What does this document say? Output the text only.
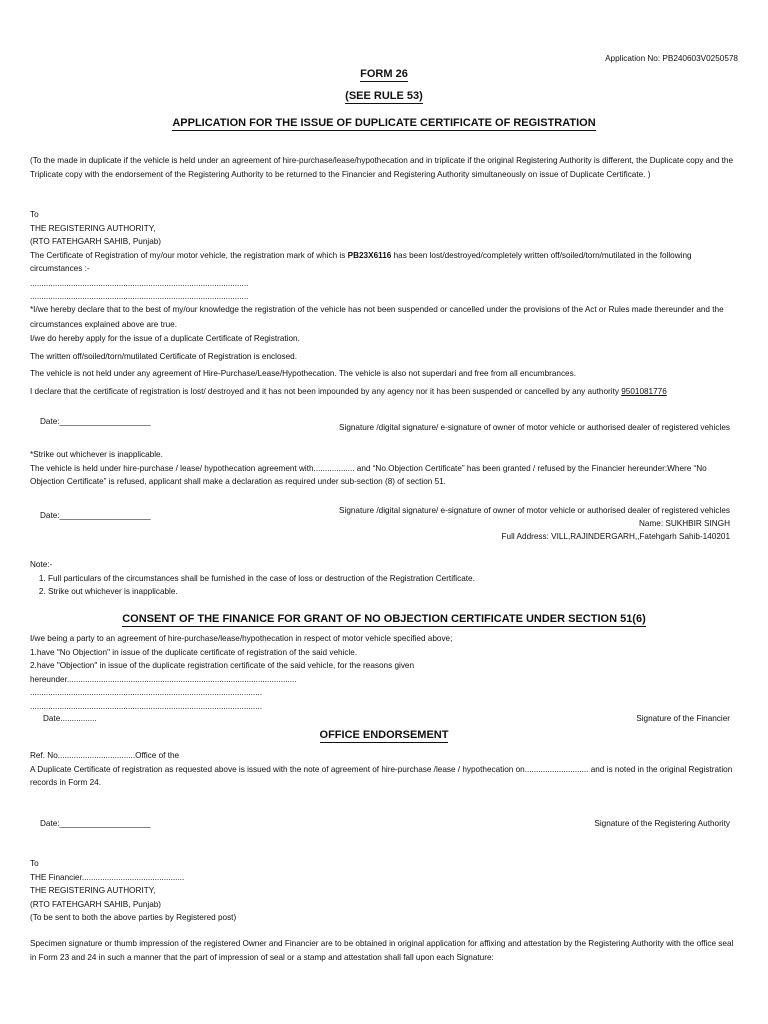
Application No: PB240603V0250578
FORM 26
(SEE RULE 53)
APPLICATION FOR THE ISSUE OF DUPLICATE CERTIFICATE OF REGISTRATION
(To the made in duplicate if the vehicle is held under an agreement of hire-purchase/lease/hypothecation and in triplicate if the original Registering Authority is different, the Duplicate copy and the Triplicate copy with the endorsement of the Registering Authority to be returned to the Financier and Registering Authority simultaneously on issue of Duplicate Certificate. )
To
THE REGISTERING AUTHORITY,
(RTO FATEHGARH SAHIB, Punjab)
The Certificate of Registration of my/our motor vehicle, the registration mark of which is PB23X6116 has been lost/destroyed/completely written off/soiled/torn/mutilated in the following circumstances :-
................................................................................................
................................................................................................
*I/we hereby declare that to the best of my/our knowledge the registration of the vehicle has not been suspended or cancelled under the provisions of the Act or Rules made thereunder and the circumstances explained above are true.
I/we do hereby apply for the issue of a duplicate Certificate of Registration.
The written off/soiled/torn/mutilated Certificate of Registration is enclosed.
The vehicle is not held under any agreement of Hire-Purchase/Lease/Hypothecation. The vehicle is also not superdari and free from all encumbrances.
I declare that the certificate of registration is lost/ destroyed and it has not been impounded by any agency nor it has been suspended or cancelled by any authority 9501081776
Date:____________________
Signature /digital signature/ e-signature of owner of motor vehicle or authorised dealer of registered vehicles
*Strike out whichever is inapplicable.
The vehicle is held under hire-purchase / lease/ hypothecation agreement with.................. and “No.Objection Certificate” has been granted / refused by the Financier hereunder:Where “No Objection Certificate” is refused, applicant shall make a declaration as required under sub-section (8) of section 51.
Signature /digital signature/ e-signature of owner of motor vehicle or authorised dealer of registered vehicles
Name: SUKHBIR SINGH
Full Address: VILL,RAJINDERGARH,,Fatehgarh Sahib-140201
Date:____________________
Note:-
1. Full particulars of the circumstances shall be furnished in the case of loss or destruction of the Registration Certificate.
2. Strike out whichever is inapplicable.
CONSENT OF THE FINANICE FOR GRANT OF NO OBJECTION CERTIFICATE UNDER SECTION 51(6)
I/we being a party to an agreement of hire-purchase/lease/hypothecation in respect of motor vehicle specified above;
1.have "No Objection" in issue of the duplicate certificate of registration of the said vehicle.
2.have "Objection" in issue of the duplicate registration certificate of the said vehicle, for the reasons given
hereunder.....................................................................................................
......................................................................................................
......................................................................................................
Date................	Signature of the Financier
OFFICE ENDORSEMENT
Ref. No..................................Office of the
A Duplicate Certificate of registration as requested above is issued with the note of agreement of hire-purchase /lease / hypothecation on............................ and is noted in the original Registration records in Form 24.
Date:____________________	Signature of the Registering Authority
To
THE Financier.............................................
THE REGISTERING AUTHORITY,
(RTO FATEHGARH SAHIB, Punjab)
(To be sent to both the above parties by Registered post)
Specimen signature or thumb impression of the registered Owner and Financier are to be obtained in original application for affixing and attestation by the Registering Authority with the office seal in Form 23 and 24 in such a manner that the part of impression of seal or a stamp and attestation shall fall upon each Signature:
